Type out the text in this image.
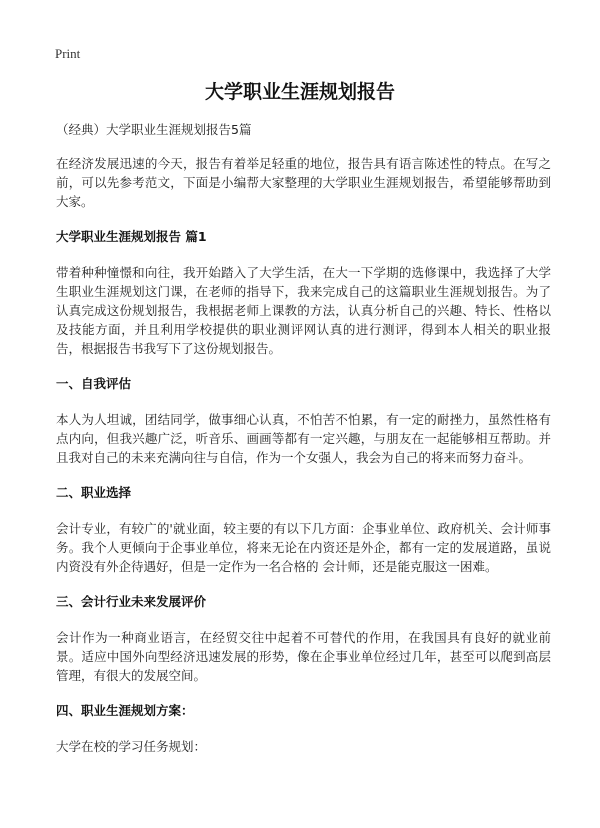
Print
大学职业生涯规划报告

（经典）大学职业生涯规划报告5篇

在经济发展迅速的今天，报告有着举足轻重的地位，报告具有语言陈述性的特点。在写之前，可以先参考范文，下面是小编帮大家整理的大学职业生涯规划报告，希望能够帮助到大家。

大学职业生涯规划报告 篇1

带着种种憧憬和向往，我开始踏入了大学生活，在大一下学期的选修课中，我选择了大学生职业生涯规划这门课，在老师的指导下，我来完成自己的这篇职业生涯规划报告。为了认真完成这份规划报告，我根据老师上课教的方法，认真分析自己的兴趣、特长、性格以及技能方面，并且利用学校提供的职业测评网认真的进行测评，得到本人相关的职业报告，根据报告书我写下了这份规划报告。

一、自我评估

本人为人坦诚，团结同学，做事细心认真，不怕苦不怕累，有一定的耐挫力，虽然性格有点内向，但我兴趣广泛，听音乐、画画等都有一定兴趣，与朋友在一起能够相互帮助。并且我对自己的未来充满向往与自信，作为一个女强人，我会为自己的将来而努力奋斗。

二、职业选择

会计专业，有较广的'就业面，较主要的有以下几方面：企事业单位、政府机关、会计师事务。我个人更倾向于企事业单位，将来无论在内资还是外企，都有一定的发展道路，虽说内资没有外企待遇好，但是一定作为一名合格的 会计师，还是能克服这一困难。

三、会计行业未来发展评价

会计作为一种商业语言，在经贸交往中起着不可替代的作用，在我国具有良好的就业前景。适应中国外向型经济迅速发展的形势，像在企事业单位经过几年，甚至可以爬到高层管理，有很大的发展空间。

四、职业生涯规划方案：

大学在校的学习任务规划：
